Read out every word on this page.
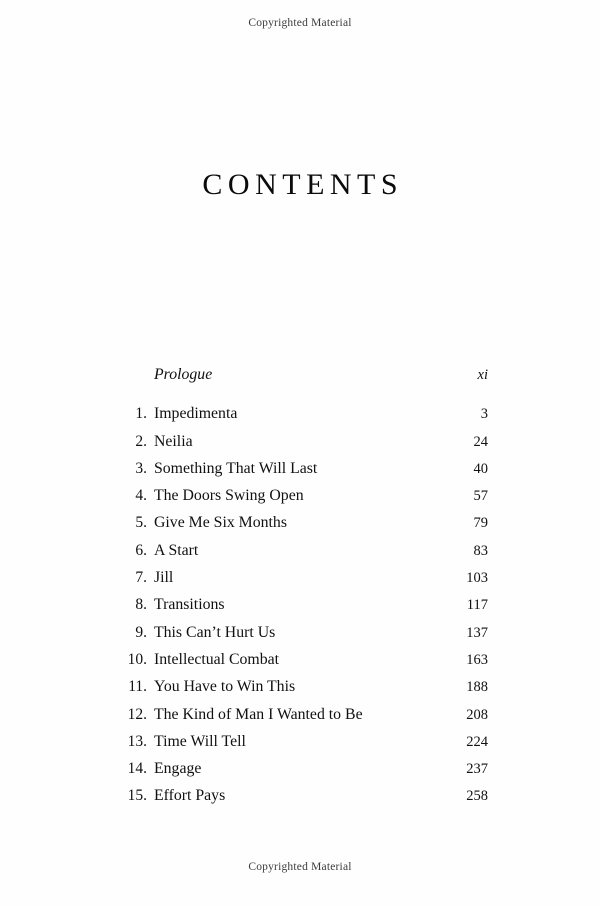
Copyrighted Material
CONTENTS
Prologue	xi
1. Impedimenta	3
2. Neilia	24
3. Something That Will Last	40
4. The Doors Swing Open	57
5. Give Me Six Months	79
6. A Start	83
7. Jill	103
8. Transitions	117
9. This Can’t Hurt Us	137
10. Intellectual Combat	163
11. You Have to Win This	188
12. The Kind of Man I Wanted to Be	208
13. Time Will Tell	224
14. Engage	237
15. Effort Pays	258
Copyrighted Material
